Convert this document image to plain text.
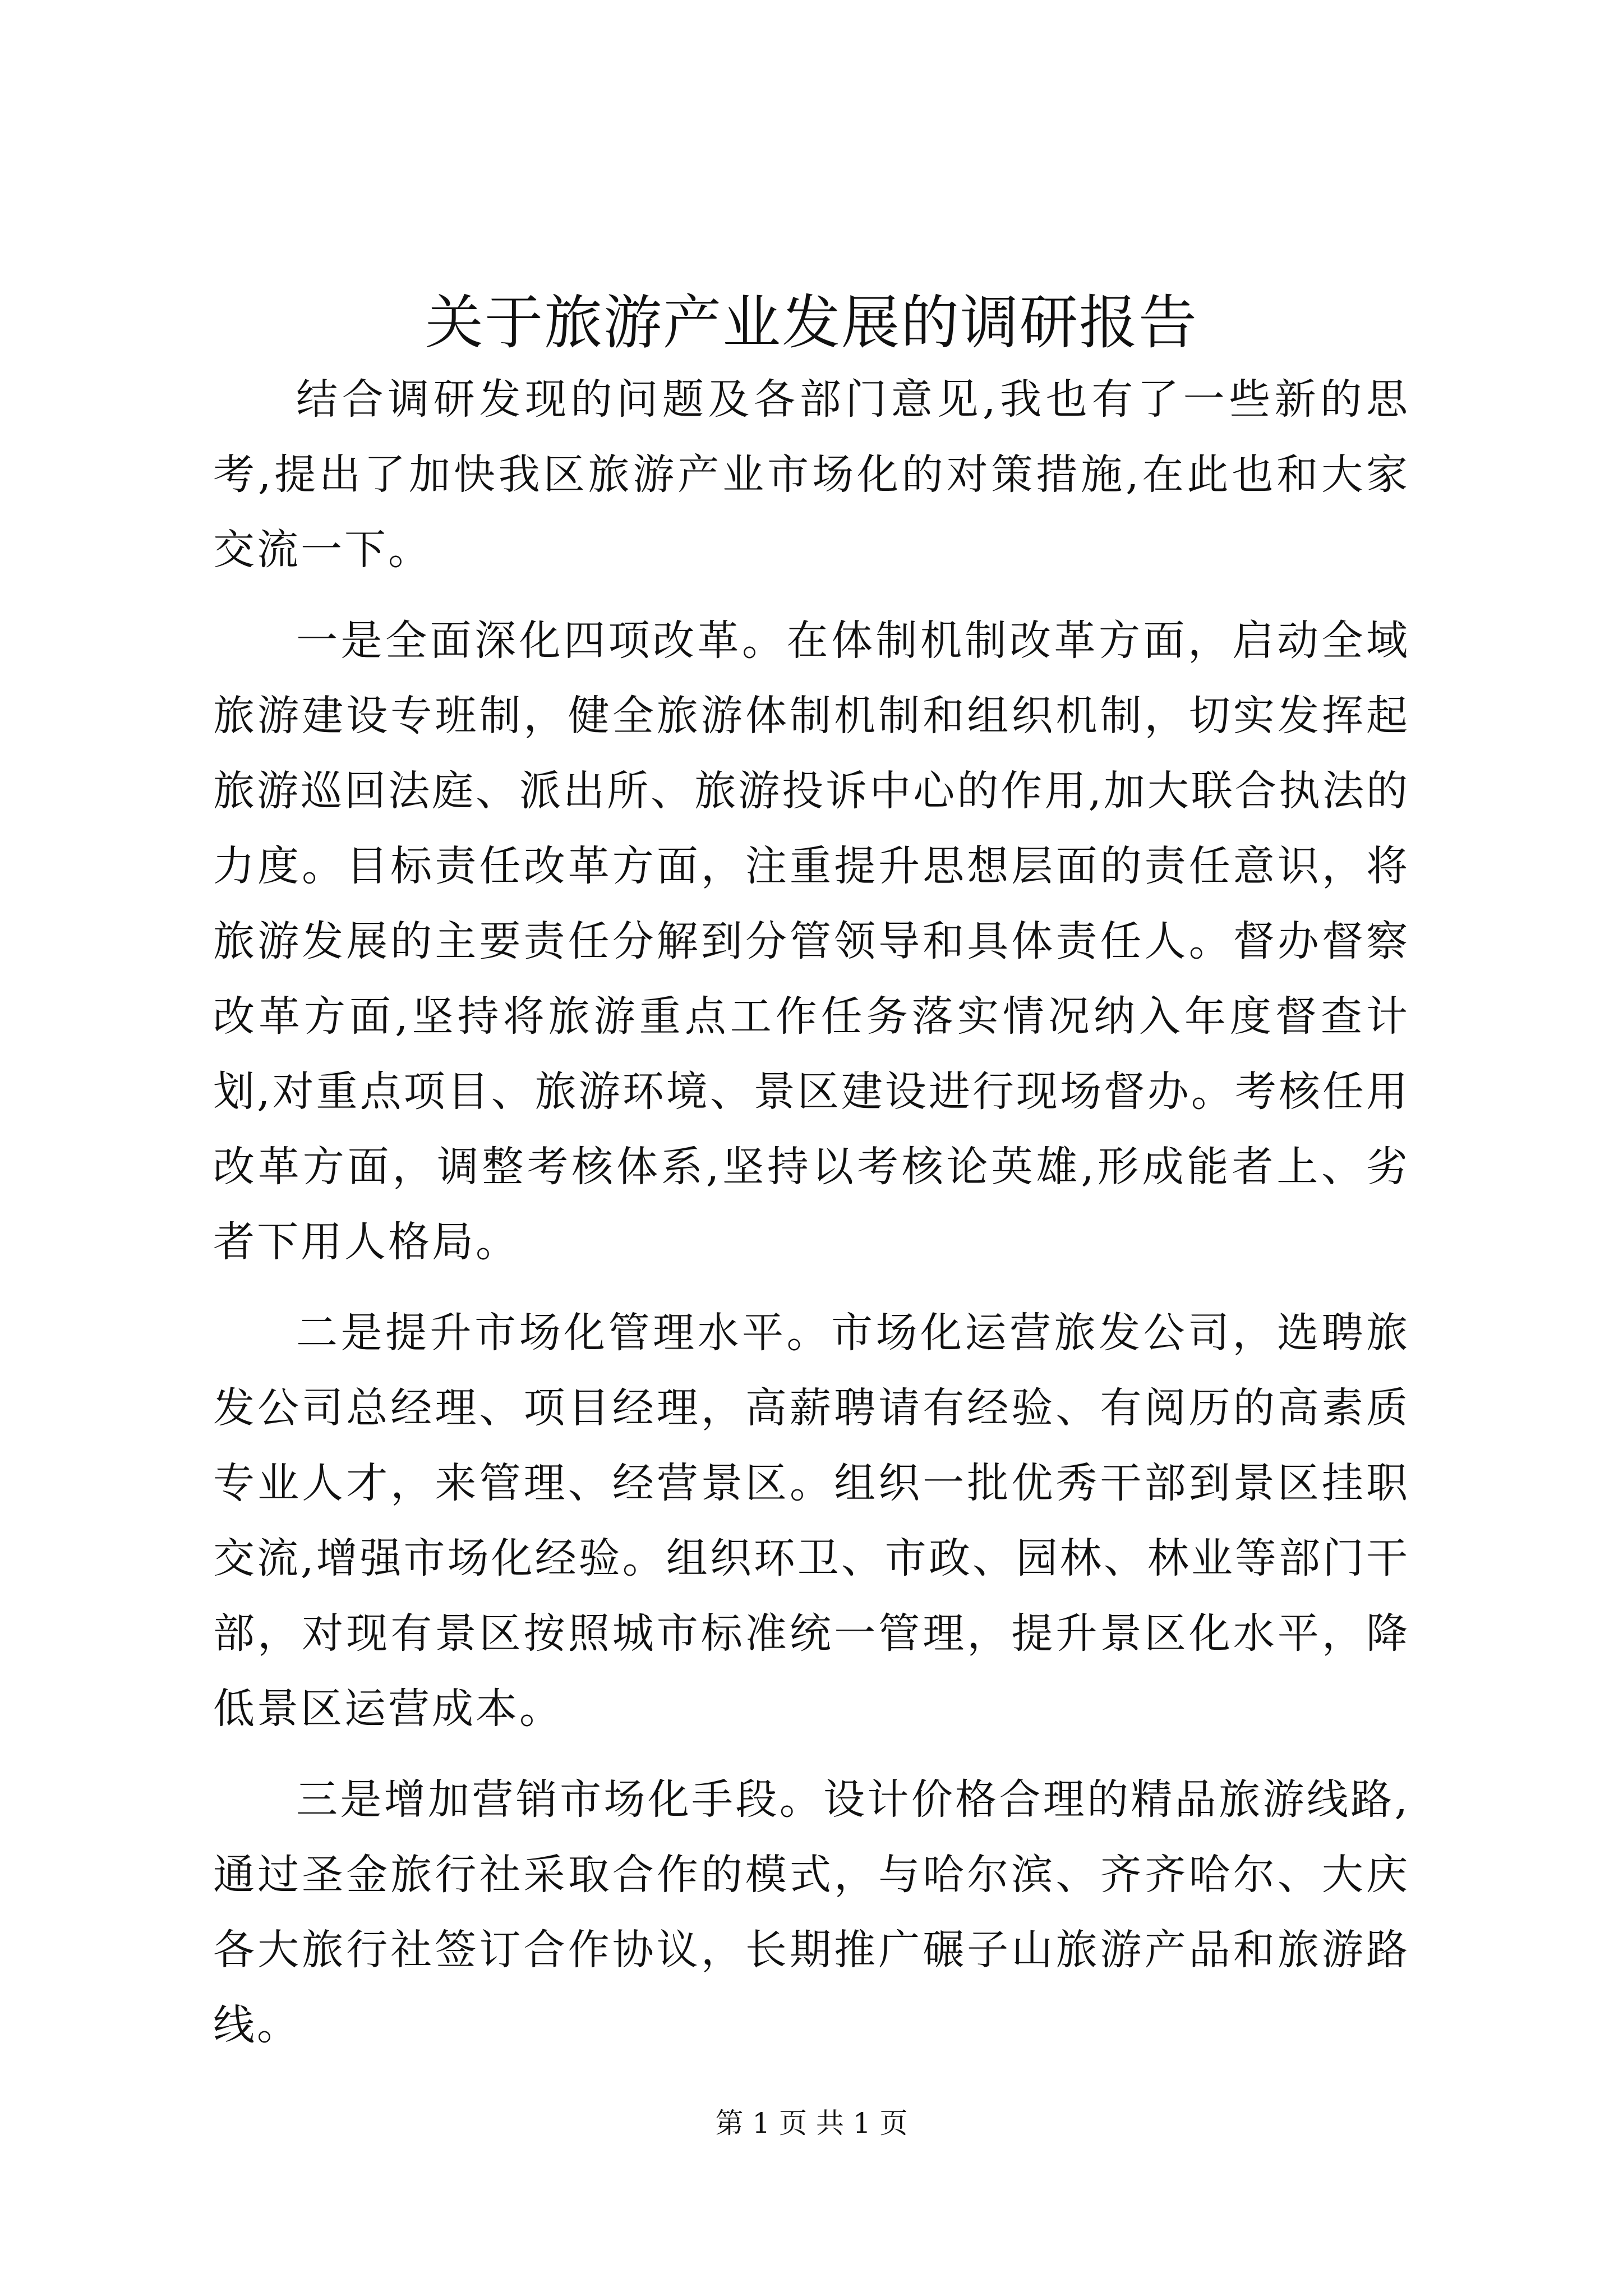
关于旅游产业发展的调研报告

结合调研发现的问题及各部门意见,我也有了一些新的思考,提出了加快我区旅游产业市场化的对策措施,在此也和大家交流一下。

一是全面深化四项改革。在体制机制改革方面，启动全域旅游建设专班制，健全旅游体制机制和组织机制，切实发挥起旅游巡回法庭、派出所、旅游投诉中心的作用,加大联合执法的力度。目标责任改革方面，注重提升思想层面的责任意识，将旅游发展的主要责任分解到分管领导和具体责任人。督办督察改革方面,坚持将旅游重点工作任务落实情况纳入年度督查计划,对重点项目、旅游环境、景区建设进行现场督办。考核任用改革方面，调整考核体系,坚持以考核论英雄,形成能者上、劣者下用人格局。

二是提升市场化管理水平。市场化运营旅发公司，选聘旅发公司总经理、项目经理，高薪聘请有经验、有阅历的高素质专业人才，来管理、经营景区。组织一批优秀干部到景区挂职交流,增强市场化经验。组织环卫、市政、园林、林业等部门干部，对现有景区按照城市标准统一管理，提升景区化水平，降低景区运营成本。

三是增加营销市场化手段。设计价格合理的精品旅游线路,通过圣金旅行社采取合作的模式，与哈尔滨、齐齐哈尔、大庆各大旅行社签订合作协议，长期推广碾子山旅游产品和旅游路线。

第 1 页 共 1 页
